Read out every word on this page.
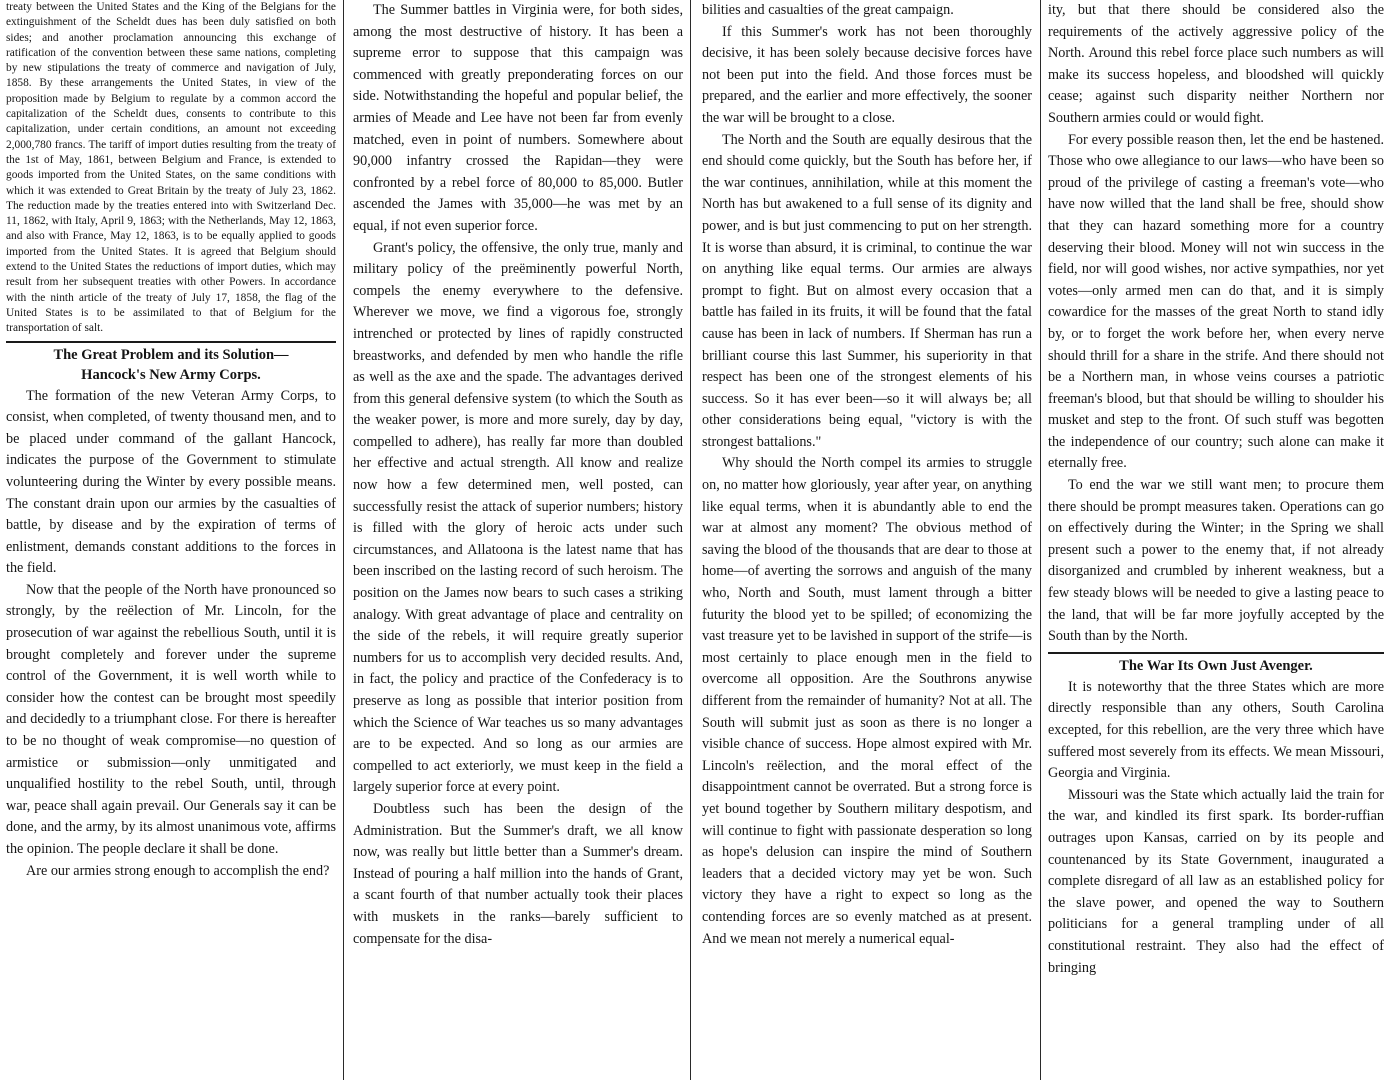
treaty between the United States and the King of the Belgians for the extinguishment of the Scheldt dues has been duly satisfied on both sides; and another proclamation announcing this exchange of ratification of the convention between these same nations, completing by new stipulations the treaty of commerce and navigation of July, 1858. By these arrangements the United States, in view of the proposition made by Belgium to regulate by a common accord the capitalization of the Scheldt dues, consents to contribute to this capitalization, under certain conditions, an amount not exceeding 2,000,780 francs. The tariff of import duties resulting from the treaty of the 1st of May, 1861, between Belgium and France, is extended to goods imported from the United States, on the same conditions with which it was extended to Great Britain by the treaty of July 23, 1862. The reduction made by the treaties entered into with Switzerland Dec. 11, 1862, with Italy, April 9, 1863; with the Netherlands, May 12, 1863, and also with France, May 12, 1863, is to be equally applied to goods imported from the United States. It is agreed that Belgium should extend to the United States the reductions of import duties, which may result from her subsequent treaties with other Powers. In accordance with the ninth article of the treaty of July 17, 1858, the flag of the United States is to be assimilated to that of Belgium for the transportation of salt.
The Great Problem and its Solution—
Hancock's New Army Corps.

The formation of the new Veteran Army Corps, to consist, when completed, of twenty thousand men, and to be placed under command of the gallant Hancock, indicates the purpose of the Government to stimulate volunteering during the Winter by every possible means. The constant drain upon our armies by the casualties of battle, by disease and by the expiration of terms of enlistment, demands constant additions to the forces in the field.

Now that the people of the North have pronounced so strongly, by the reëlection of Mr. Lincoln, for the prosecution of war against the rebellious South, until it is brought completely and forever under the supreme control of the Government, it is well worth while to consider how the contest can be brought most speedily and decidedly to a triumphant close. For there is hereafter to be no thought of weak compromise—no question of armistice or submission—only unmitigated and unqualified hostility to the rebel South, until, through war, peace shall again prevail. Our Generals say it can be done, and the army, by its almost unanimous vote, affirms the opinion. The people declare it shall be done.

Are our armies strong enough to accomplish the end?

The Summer battles in Virginia were, for both sides, among the most destructive of history. It has been a supreme error to suppose that this campaign was commenced with greatly preponderating forces on our side. Notwithstanding the hopeful and popular belief, the armies of Meade and Lee have not been far from evenly matched, even in point of numbers. Somewhere about 90,000 infantry crossed the Rapidan—they were confronted by a rebel force of 80,000 to 85,000. Butler ascended the James with 35,000—he was met by an equal, if not even superior force.

Grant's policy, the offensive, the only true, manly and military policy of the preëminently powerful North, compels the enemy everywhere to the defensive. Wherever we move, we find a vigorous foe, strongly intrenched or protected by lines of rapidly constructed breastworks, and defended by men who handle the rifle as well as the axe and the spade. The advantages derived from this general defensive system (to which the South as the weaker power, is more and more surely, day by day, compelled to adhere), has really far more than doubled her effective and actual strength. All know and realize now how a few determined men, well posted, can successfully resist the attack of superior numbers; history is filled with the glory of heroic acts under such circumstances, and Allatoona is the latest name that has been inscribed on the lasting record of such heroism. The position on the James now bears to such cases a striking analogy. With great advantage of place and centrality on the side of the rebels, it will require greatly superior numbers for us to accomplish very decided results. And, in fact, the policy and practice of the Confederacy is to preserve as long as possible that interior position from which the Science of War teaches us so many advantages are to be expected. And so long as our armies are compelled to act exteriorly, we must keep in the field a largely superior force at every point.

Doubtless such has been the design of the Administration. But the Summer's draft, we all know now, was really but little better than a Summer's dream. Instead of pouring a half million into the hands of Grant, a scant fourth of that number actually took their places with muskets in the ranks—barely sufficient to compensate for the disa-

bilities and casualties of the great campaign.

If this Summer's work has not been thoroughly decisive, it has been solely because decisive forces have not been put into the field. And those forces must be prepared, and the earlier and more effectively, the sooner the war will be brought to a close.

The North and the South are equally desirous that the end should come quickly, but the South has before her, if the war continues, annihilation, while at this moment the North has but awakened to a full sense of its dignity and power, and is but just commencing to put on her strength. It is worse than absurd, it is criminal, to continue the war on anything like equal terms. Our armies are always prompt to fight. But on almost every occasion that a battle has failed in its fruits, it will be found that the fatal cause has been in lack of numbers. If Sherman has run a brilliant course this last Summer, his superiority in that respect has been one of the strongest elements of his success. So it has ever been—so it will always be; all other considerations being equal, "victory is with the strongest battalions."

Why should the North compel its armies to struggle on, no matter how gloriously, year after year, on anything like equal terms, when it is abundantly able to end the war at almost any moment? The obvious method of saving the blood of the thousands that are dear to those at home—of averting the sorrows and anguish of the many who, North and South, must lament through a bitter futurity the blood yet to be spilled; of economizing the vast treasure yet to be lavished in support of the strife—is most certainly to place enough men in the field to overcome all opposition. Are the Southrons anywise different from the remainder of humanity? Not at all. The South will submit just as soon as there is no longer a visible chance of success. Hope almost expired with Mr. Lincoln's reëlection, and the moral effect of the disappointment cannot be overrated. But a strong force is yet bound together by Southern military despotism, and will continue to fight with passionate desperation so long as hope's delusion can inspire the mind of Southern leaders that a decided victory may yet be won. Such victory they have a right to expect so long as the contending forces are so evenly matched as at present. And we mean not merely a numerical equal-

ity, but that there should be considered also the requirements of the actively aggressive policy of the North. Around this rebel force place such numbers as will make its success hopeless, and bloodshed will quickly cease; against such disparity neither Northern nor Southern armies could or would fight.

For every possible reason then, let the end be hastened. Those who owe allegiance to our laws—who have been so proud of the privilege of casting a freeman's vote—who have now willed that the land shall be free, should show that they can hazard something more for a country deserving their blood. Money will not win success in the field, nor will good wishes, nor active sympathies, nor yet votes—only armed men can do that, and it is simply cowardice for the masses of the great North to stand idly by, or to forget the work before her, when every nerve should thrill for a share in the strife. And there should not be a Northern man, in whose veins courses a patriotic freeman's blood, but that should be willing to shoulder his musket and step to the front. Of such stuff was begotten the independence of our country; such alone can make it eternally free.

To end the war we still want men; to procure them there should be prompt measures taken. Operations can go on effectively during the Winter; in the Spring we shall present such a power to the enemy that, if not already disorganized and crumbled by inherent weakness, but a few steady blows will be needed to give a lasting peace to the land, that will be far more joyfully accepted by the South than by the North.

The War Its Own Just Avenger.

It is noteworthy that the three States which are more directly responsible than any others, South Carolina excepted, for this rebellion, are the very three which have suffered most severely from its effects. We mean Missouri, Georgia and Virginia.

Missouri was the State which actually laid the train for the war, and kindled its first spark. Its border-ruffian outrages upon Kansas, carried on by its people and countenanced by its State Government, inaugurated a complete disregard of all law as an established policy for the slave power, and opened the way to Southern politicians for a general trampling under of all constitutional restraint. They also had the effect of bringing
